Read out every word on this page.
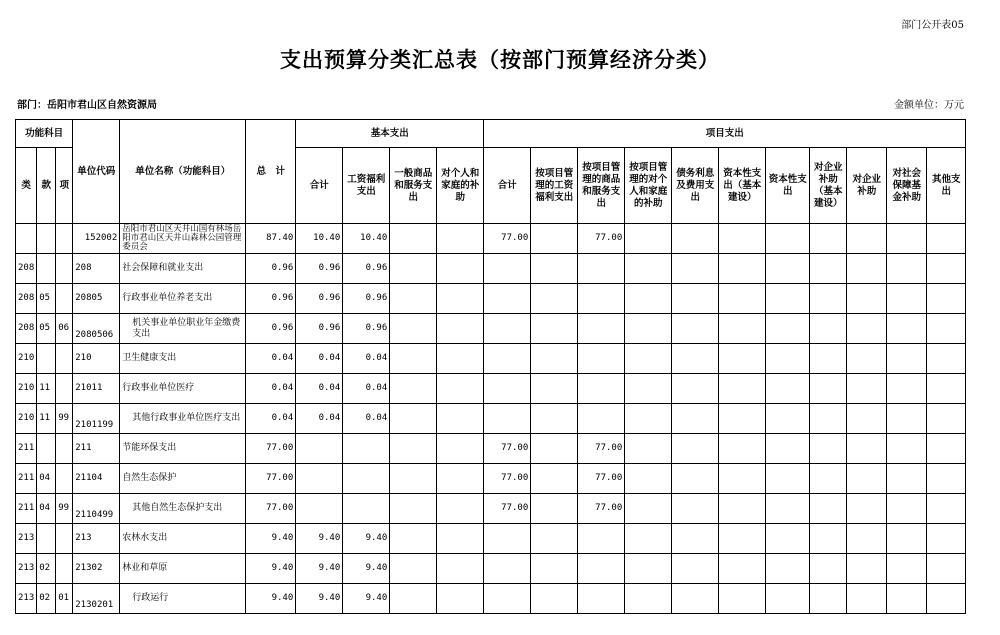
部门公开表05
支出预算分类汇总表（按部门预算经济分类）
部门：岳阳市君山区自然资源局	金额单位：万元
功能科目			单位代码	单位名称（功能科目）	总　计	基本支出				项目支出										
类	款	项				合计	工资福利支出	一般商品和服务支出	对个人和家庭的补助	合计	按项目管理的工资福利支出	按项目管理的商品和服务支出	按项目管理的对个人和家庭的补助	债务利息及费用支出	资本性支出（基本建设）	资本性支出	对企业补助（基本建设）	对企业补助	对社会保障基金补助	其他支出

			152002	岳阳市君山区天井山国有林场岳阳市君山区天井山森林公园管理委员会	87.40	10.40	10.40			77.00		77.00								
208			208	社会保障和就业支出	0.96	0.96	0.96													
208	05		20805	行政事业单位养老支出	0.96	0.96	0.96													
208	05	06	2080506	机关事业单位职业年金缴费支出	0.96	0.96	0.96													
210			210	卫生健康支出	0.04	0.04	0.04													
210	11		21011	行政事业单位医疗	0.04	0.04	0.04													
210	11	99	2101199	其他行政事业单位医疗支出	0.04	0.04	0.04													
211			211	节能环保支出	77.00					77.00		77.00								
211	04		21104	自然生态保护	77.00					77.00		77.00								
211	04	99	2110499	其他自然生态保护支出	77.00					77.00		77.00								
213			213	农林水支出	9.40	9.40	9.40													
213	02		21302	林业和草原	9.40	9.40	9.40													
213	02	01	2130201	行政运行	9.40	9.40	9.40													
